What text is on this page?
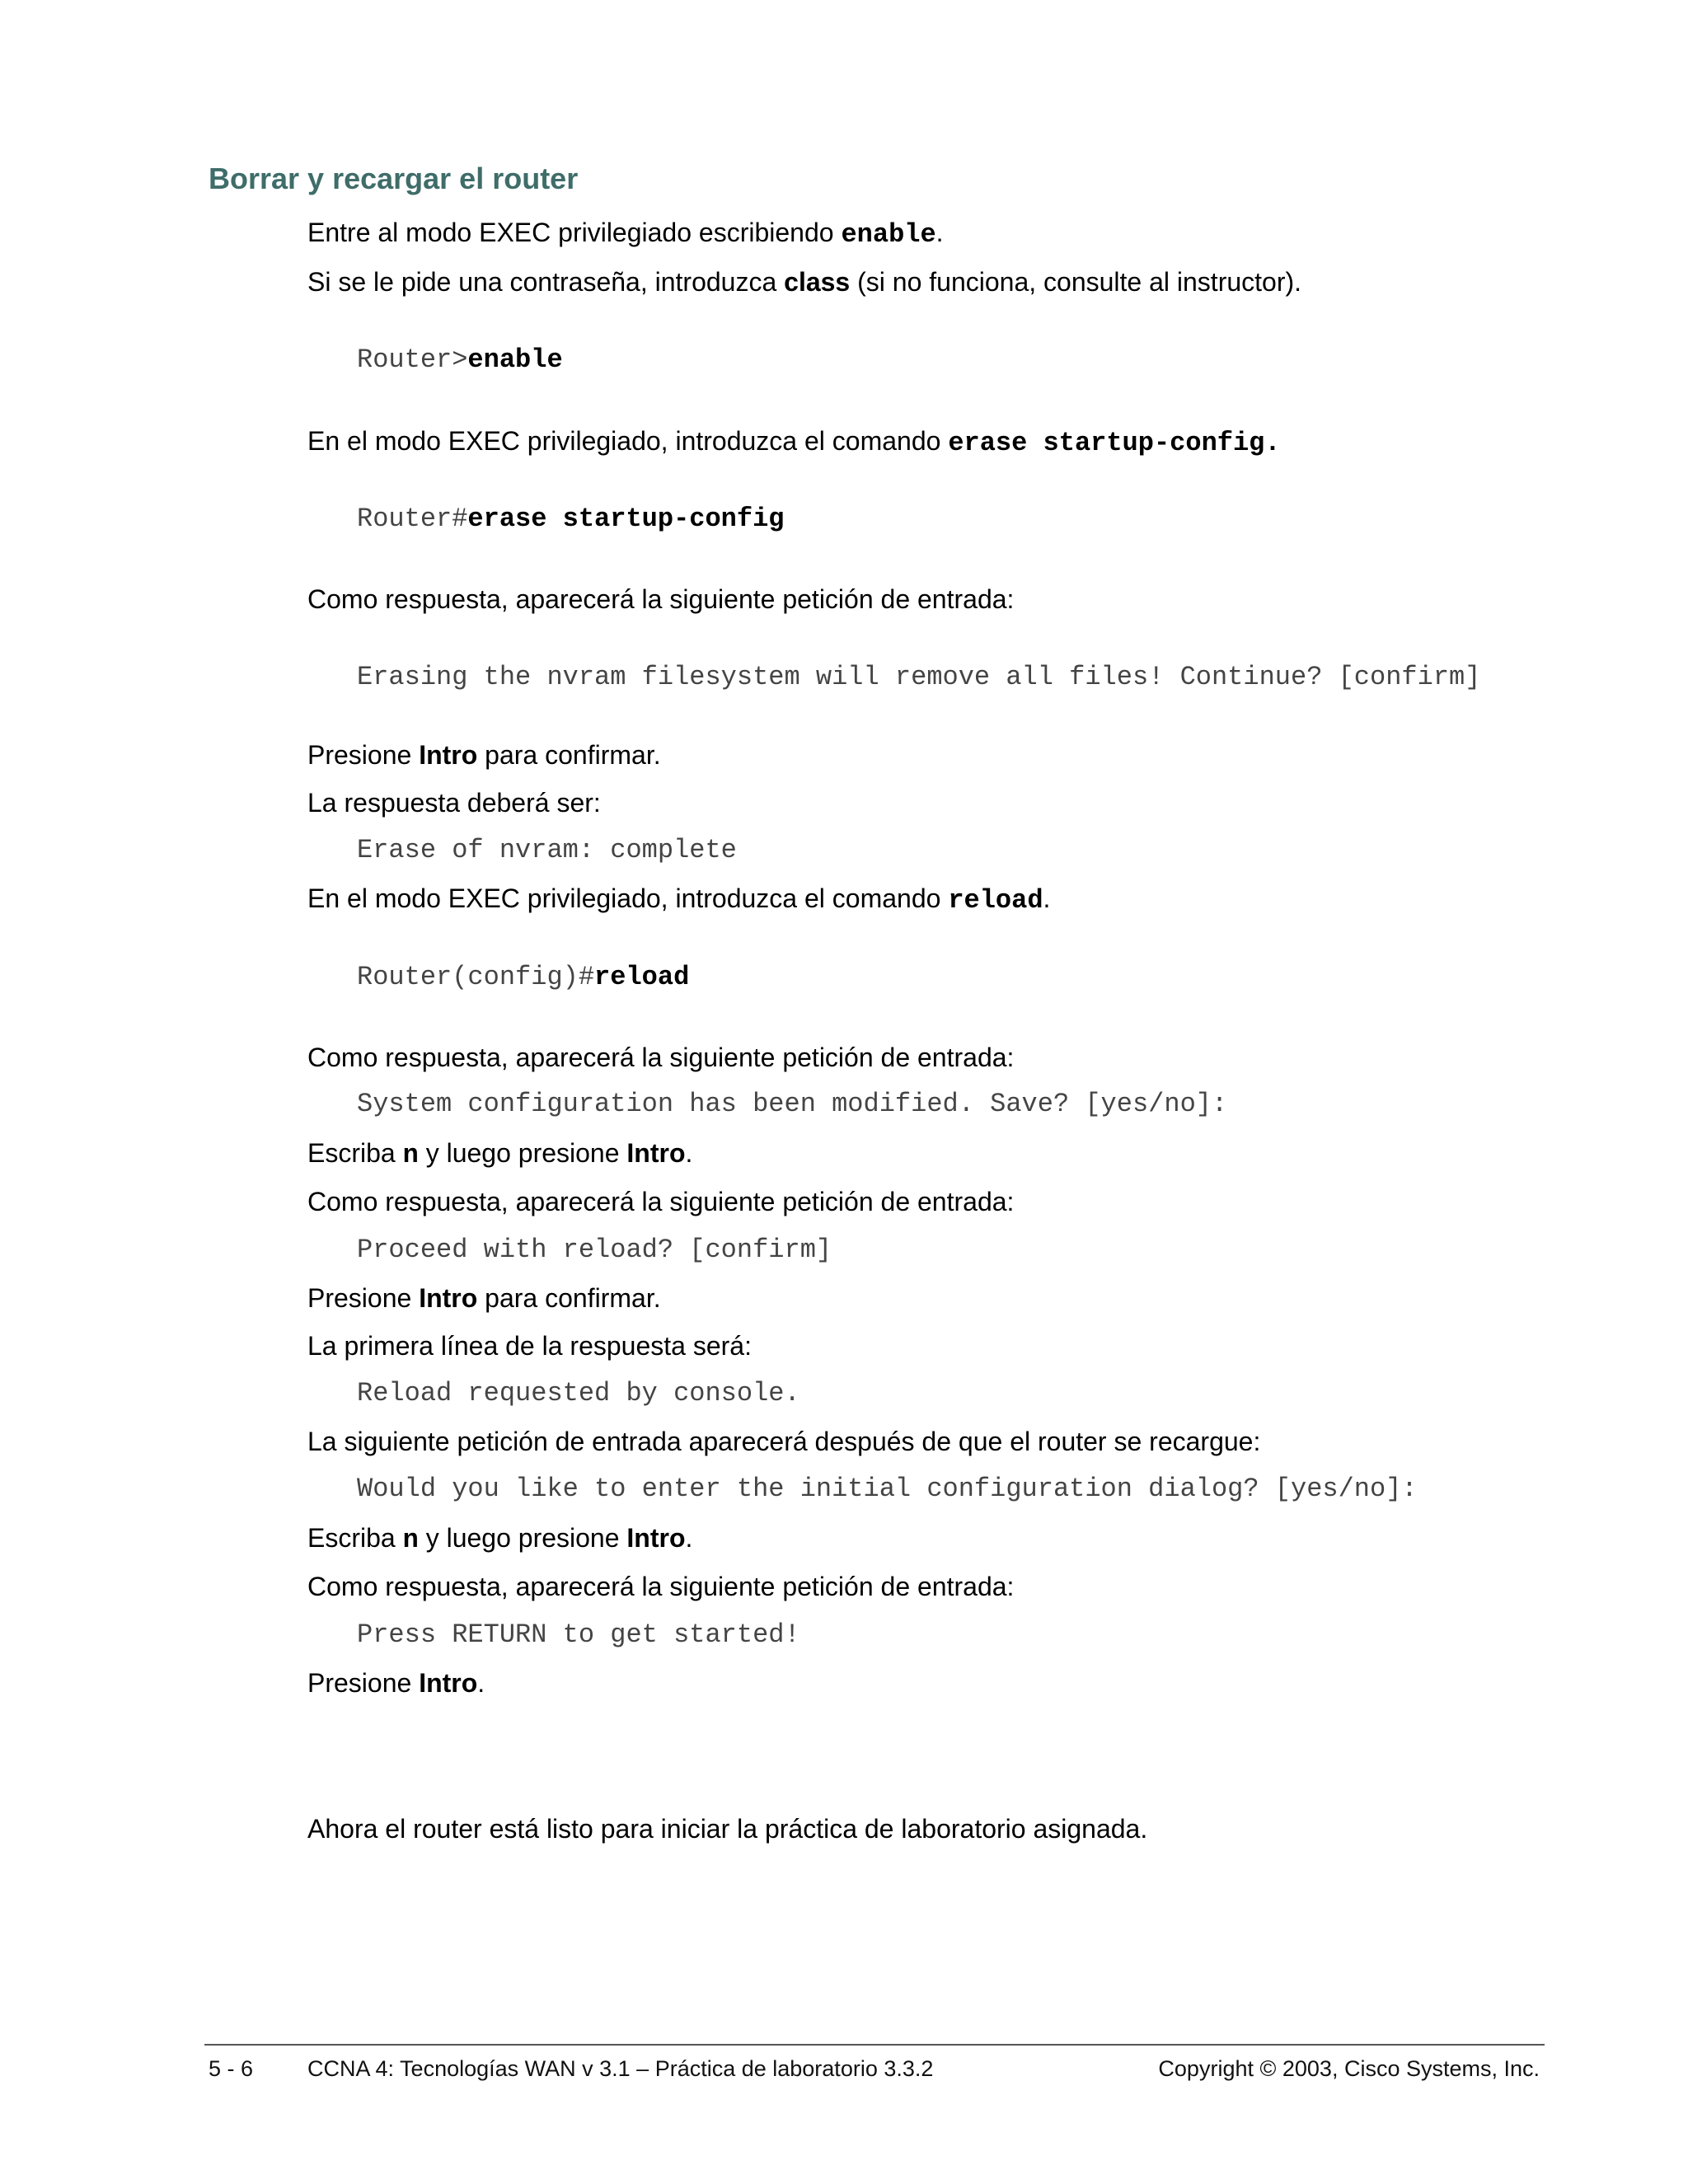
Borrar y recargar el router
Entre al modo EXEC privilegiado escribiendo enable.
Si se le pide una contraseña, introduzca class (si no funciona, consulte al instructor).
Router>enable
En el modo EXEC privilegiado, introduzca el comando erase startup-config.
Router#erase startup-config
Como respuesta, aparecerá la siguiente petición de entrada:
Erasing the nvram filesystem will remove all files! Continue? [confirm]
Presione Intro para confirmar.
La respuesta deberá ser:
Erase of nvram: complete
En el modo EXEC privilegiado, introduzca el comando reload.
Router(config)#reload
Como respuesta, aparecerá la siguiente petición de entrada:
System configuration has been modified. Save? [yes/no]:
Escriba n y luego presione Intro.
Como respuesta, aparecerá la siguiente petición de entrada:
Proceed with reload? [confirm]
Presione Intro para confirmar.
La primera línea de la respuesta será:
Reload requested by console.
La siguiente petición de entrada aparecerá después de que el router se recargue:
Would you like to enter the initial configuration dialog? [yes/no]:
Escriba n y luego presione Intro.
Como respuesta, aparecerá la siguiente petición de entrada:
Press RETURN to get started!
Presione Intro.
Ahora el router está listo para iniciar la práctica de laboratorio asignada.
5 - 6 CCNA 4: Tecnologías WAN v 3.1 – Práctica de laboratorio 3.3.2	Copyright © 2003, Cisco Systems, Inc.
